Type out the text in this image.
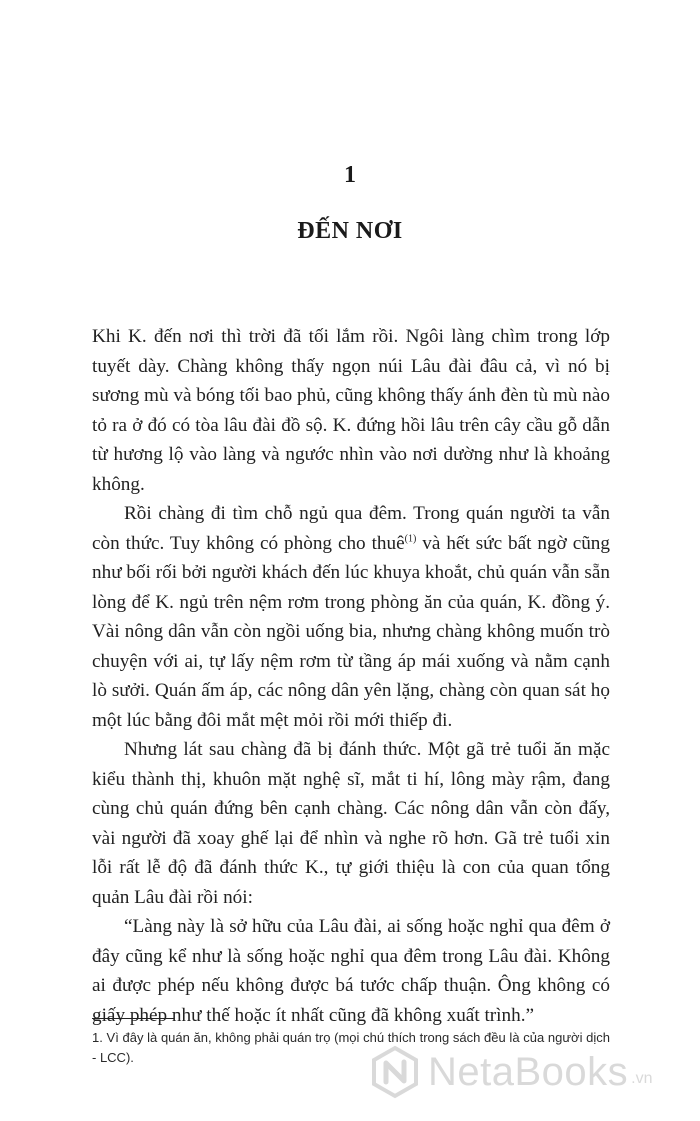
1
ĐẾN NƠI

Khi K. đến nơi thì trời đã tối lắm rồi. Ngôi làng chìm trong lớp tuyết dày. Chàng không thấy ngọn núi Lâu đài đâu cả, vì nó bị sương mù và bóng tối bao phủ, cũng không thấy ánh đèn tù mù nào tỏ ra ở đó có tòa lâu đài đồ sộ. K. đứng hồi lâu trên cây cầu gỗ dẫn từ hương lộ vào làng và ngước nhìn vào nơi dường như là khoảng không.

Rồi chàng đi tìm chỗ ngủ qua đêm. Trong quán người ta vẫn còn thức. Tuy không có phòng cho thuê$^{(1)}$ và hết sức bất ngờ cũng như bối rối bởi người khách đến lúc khuya khoắt, chủ quán vẫn sẵn lòng để K. ngủ trên nệm rơm trong phòng ăn của quán, K. đồng ý. Vài nông dân vẫn còn ngồi uống bia, nhưng chàng không muốn trò chuyện với ai, tự lấy nệm rơm từ tầng áp mái xuống và nằm cạnh lò sưởi. Quán ấm áp, các nông dân yên lặng, chàng còn quan sát họ một lúc bằng đôi mắt mệt mỏi rồi mới thiếp đi.

Nhưng lát sau chàng đã bị đánh thức. Một gã trẻ tuổi ăn mặc kiểu thành thị, khuôn mặt nghệ sĩ, mắt ti hí, lông mày rậm, đang cùng chủ quán đứng bên cạnh chàng. Các nông dân vẫn còn đấy, vài người đã xoay ghế lại để nhìn và nghe rõ hơn. Gã trẻ tuổi xin lỗi rất lễ độ đã đánh thức K., tự giới thiệu là con của quan tổng quản Lâu đài rồi nói:

“Làng này là sở hữu của Lâu đài, ai sống hoặc nghỉ qua đêm ở đây cũng kể như là sống hoặc nghỉ qua đêm trong Lâu đài. Không ai được phép nếu không được bá tước chấp thuận. Ông không có giấy phép như thế hoặc ít nhất cũng đã không xuất trình.”

1. Vì đây là quán ăn, không phải quán trọ (mọi chú thích trong sách đều là của người dịch - LCC).	NetaBooks .vn
